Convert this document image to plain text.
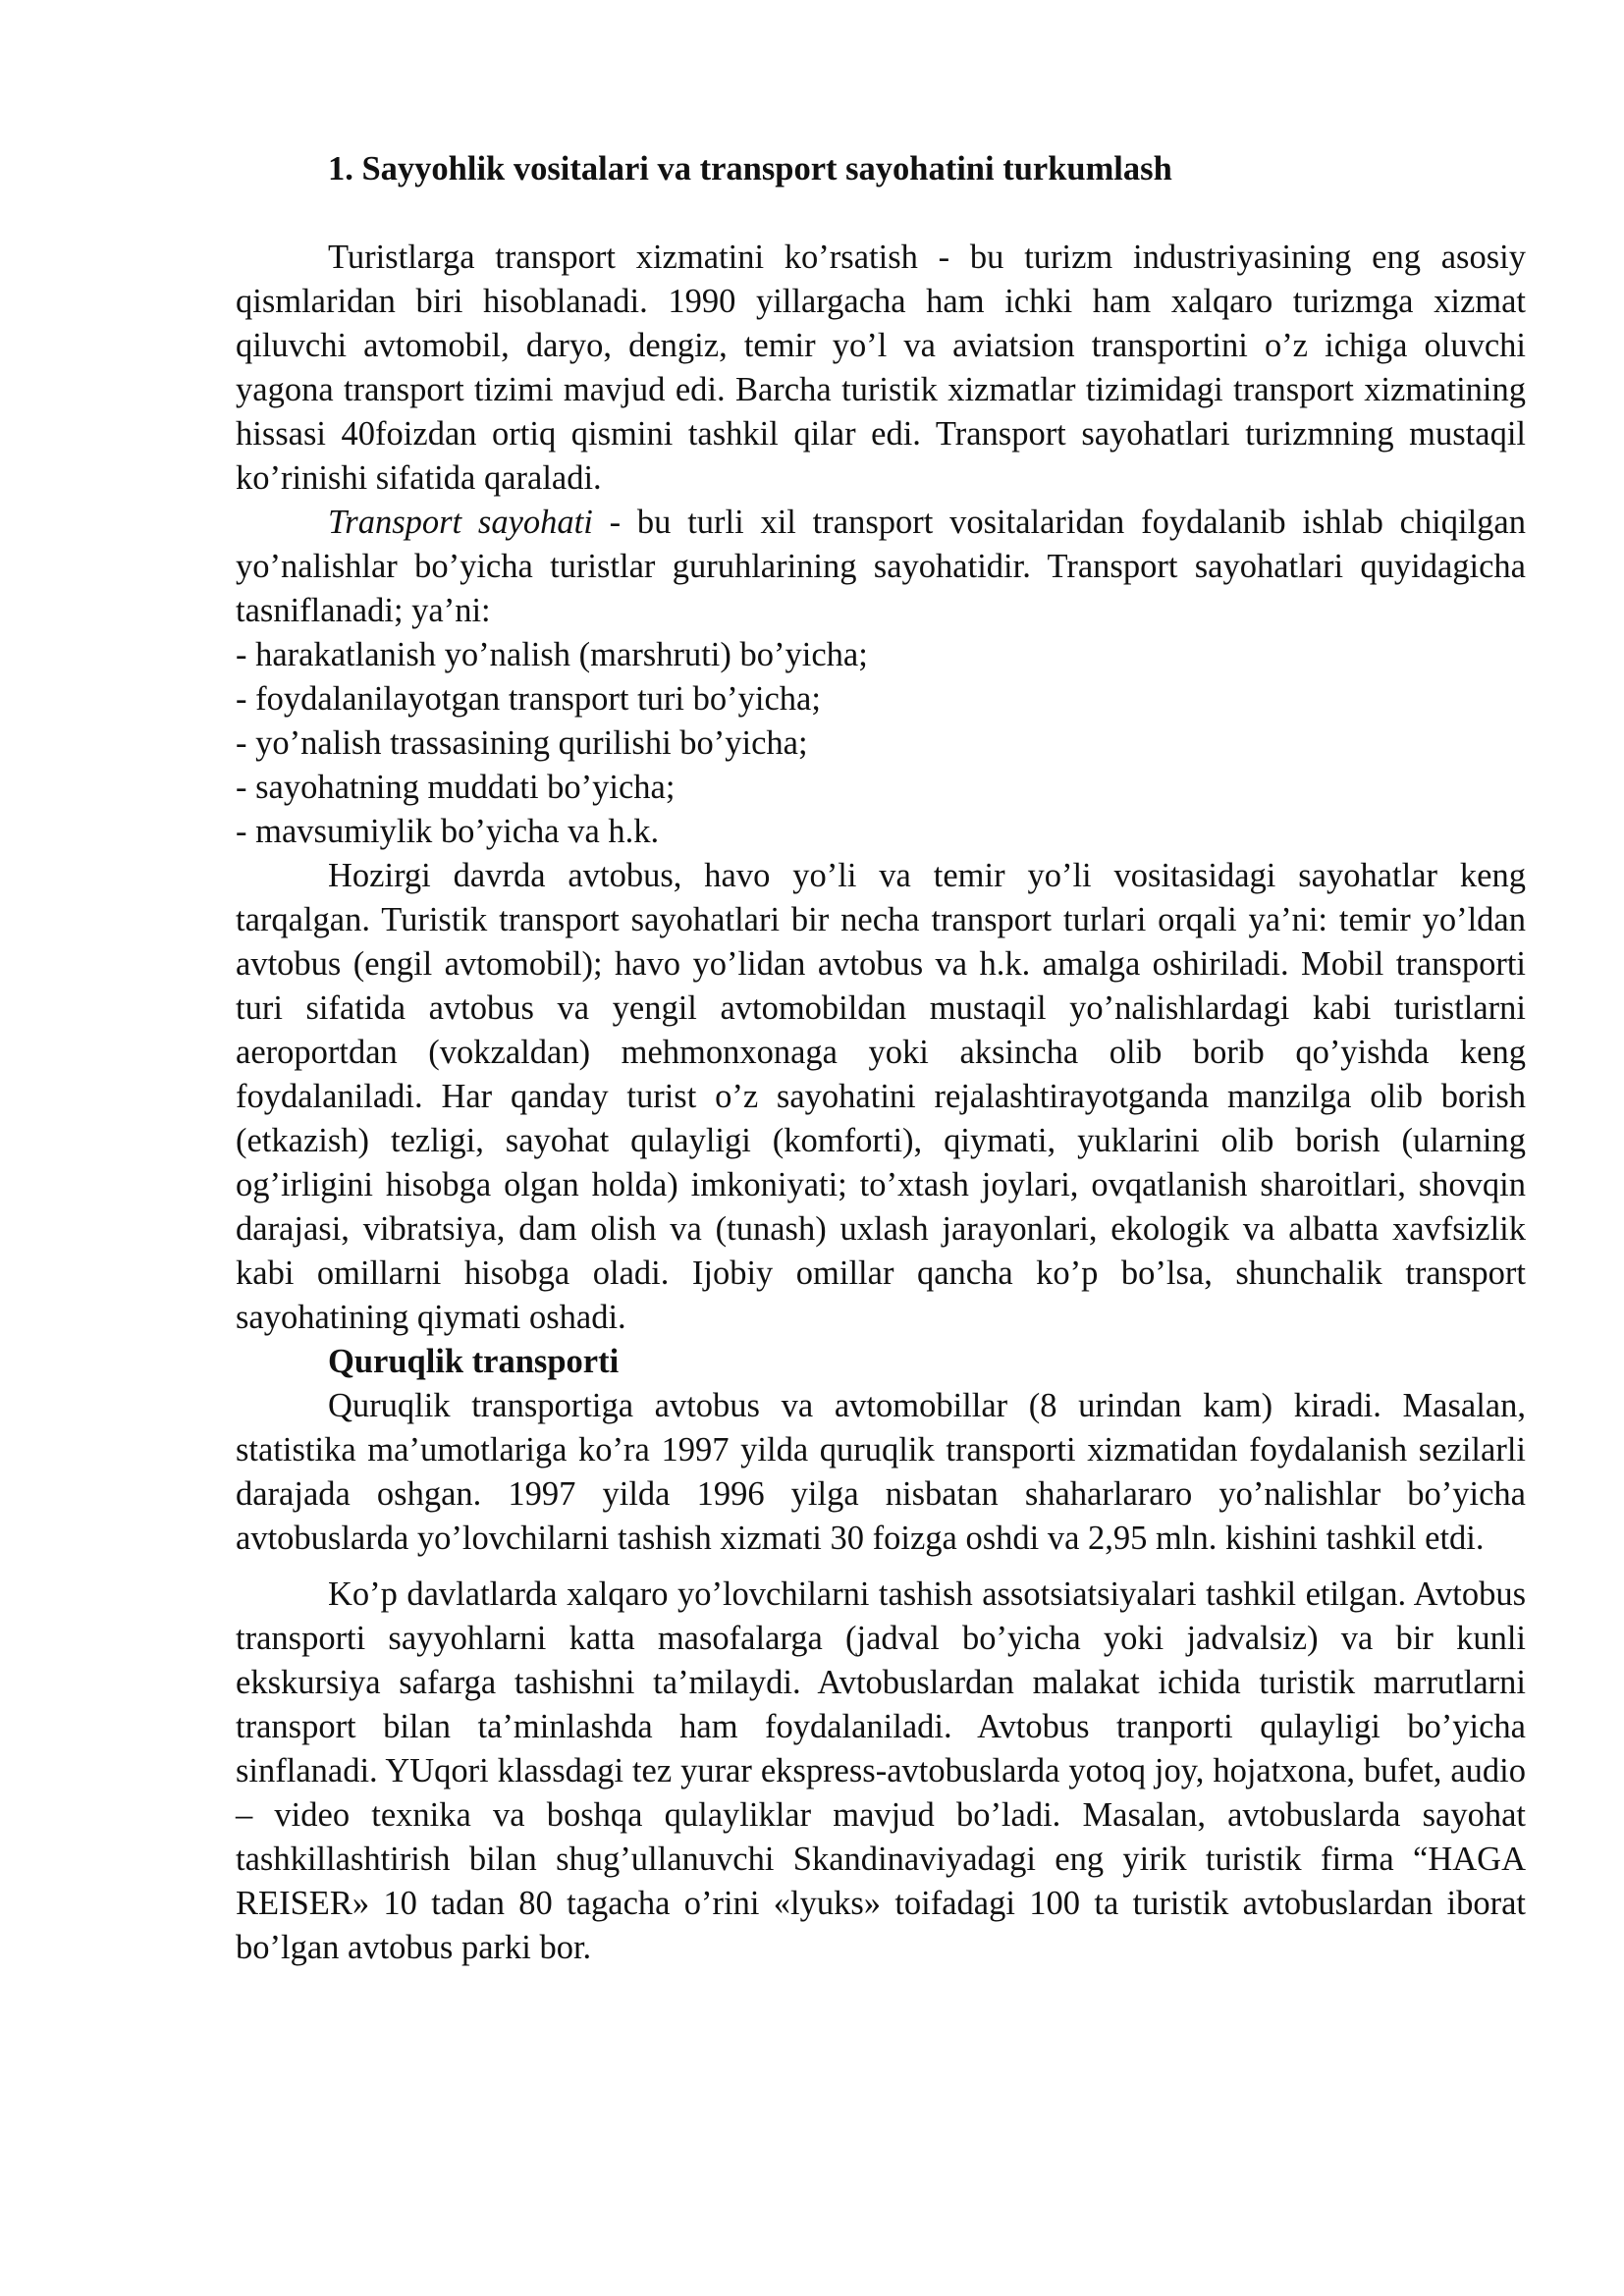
1. Sayyohlik vositalari va transport sayohatini turkumlash

Turistlarga transport xizmatini ko’rsatish - bu turizm industriyasining eng asosiy qismlaridan biri hisoblanadi. 1990 yillargacha ham ichki ham xalqaro turizmga xizmat qiluvchi avtomobil, daryo, dengiz, temir yo’l va aviatsion transportini o’z ichiga oluvchi yagona transport tizimi mavjud edi. Barcha turistik xizmatlar tizimidagi transport xizmatining hissasi 40foizdan ortiq qismini tashkil qilar edi. Transport sayohatlari turizmning mustaqil ko’rinishi sifatida qaraladi.

Transport sayohati - bu turli xil transport vositalaridan foydalanib ishlab chiqilgan yo’nalishlar bo’yicha turistlar guruhlarining sayohatidir. Transport sayohatlari quyidagicha tasniflanadi; ya’ni:

- harakatlanish yo’nalish (marshruti) bo’yicha;

- foydalanilayotgan transport turi bo’yicha;

- yo’nalish trassasining qurilishi bo’yicha;

- sayohatning muddati bo’yicha;

- mavsumiylik bo’yicha va h.k.

Hozirgi davrda avtobus, havo yo’li va temir yo’li vositasidagi sayohatlar keng tarqalgan. Turistik transport sayohatlari bir necha transport turlari orqali ya’ni: temir yo’ldan avtobus (engil avtomobil); havo yo’lidan avtobus va h.k. amalga oshiriladi. Mobil transporti turi sifatida avtobus va yengil avtomobildan mustaqil yo’nalishlardagi kabi turistlarni aeroportdan (vokzaldan) mehmonxonaga yoki aksincha olib borib qo’yishda keng foydalaniladi. Har qanday turist o’z sayohatini rejalashtirayotganda manzilga olib borish (etkazish) tezligi, sayohat qulayligi (komforti), qiymati, yuklarini olib borish (ularning og’irligini hisobga olgan holda) imkoniyati; to’xtash joylari, ovqatlanish sharoitlari, shovqin darajasi, vibratsiya, dam olish va (tunash) uxlash jarayonlari, ekologik va albatta xavfsizlik kabi omillarni hisobga oladi. Ijobiy omillar qancha ko’p bo’lsa, shunchalik transport sayohatining qiymati oshadi.

Quruqlik transporti

Quruqlik transportiga avtobus va avtomobillar (8 urindan kam) kiradi. Masalan, statistika ma’umotlariga ko’ra 1997 yilda quruqlik transporti xizmatidan foydalanish sezilarli darajada oshgan. 1997 yilda 1996 yilga nisbatan shaharlararo yo’nalishlar bo’yicha avtobuslarda yo’lovchilarni tashish xizmati 30 foizga oshdi va 2,95 mln. kishini tashkil etdi.

Ko’p davlatlarda xalqaro yo’lovchilarni tashish assotsiatsiyalari tashkil etilgan. Avtobus transporti sayyohlarni katta masofalarga (jadval bo’yicha yoki jadvalsiz) va bir kunli ekskursiya safarga tashishni ta’milaydi. Avtobuslardan malakat ichida turistik marrutlarni transport bilan ta’minlashda ham foydalaniladi. Avtobus tranporti qulayligi bo’yicha sinflanadi. YUqori klassdagi tez yurar ekspress-avtobuslarda yotoq joy, hojatxona, bufet, audio – video texnika va boshqa qulayliklar mavjud bo’ladi. Masalan, avtobuslarda sayohat tashkillashtirish bilan shug’ullanuvchi Skandinaviyadagi eng yirik turistik firma “HAGA REISER» 10 tadan 80 tagacha o’rini «lyuks» toifadagi 100 ta turistik avtobuslardan iborat bo’lgan avtobus parki bor.
